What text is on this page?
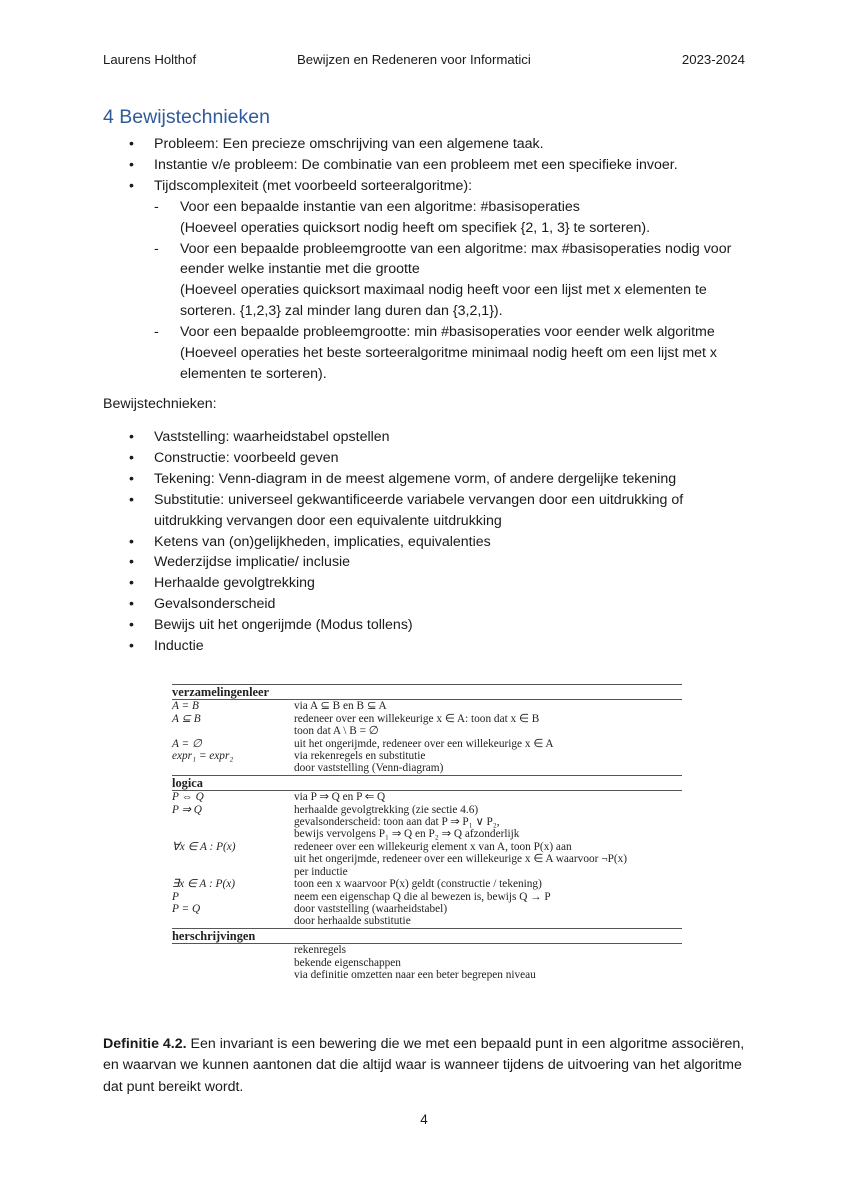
Laurens Holthof	Bewijzen en Redeneren voor Informatici	2023-2024
4 Bewijstechnieken
• Probleem: Een precieze omschrijving van een algemene taak.
• Instantie v/e probleem: De combinatie van een probleem met een specifieke invoer.
• Tijdscomplexiteit (met voorbeeld sorteeralgoritme):
- Voor een bepaalde instantie van een algoritme: #basisoperaties
(Hoeveel operaties quicksort nodig heeft om specifiek {2, 1, 3} te sorteren).
- Voor een bepaalde probleemgrootte van een algoritme: max #basisoperaties nodig voor eender welke instantie met die grootte
(Hoeveel operaties quicksort maximaal nodig heeft voor een lijst met x elementen te sorteren. {1,2,3} zal minder lang duren dan {3,2,1}).
- Voor een bepaalde probleemgrootte: min #basisoperaties voor eender welk algoritme
(Hoeveel operaties het beste sorteeralgoritme minimaal nodig heeft om een lijst met x elementen te sorteren).
Bewijstechnieken:
• Vaststelling: waarheidstabel opstellen
• Constructie: voorbeeld geven
• Tekening: Venn-diagram in de meest algemene vorm, of andere dergelijke tekening
• Substitutie: universeel gekwantificeerde variabele vervangen door een uitdrukking of uitdrukking vervangen door een equivalente uitdrukking
• Ketens van (on)gelijkheden, implicaties, equivalenties
• Wederzijdse implicatie/ inclusie
• Herhaalde gevolgtrekking
• Gevalsonderscheid
• Bewijs uit het ongerijmde (Modus tollens)
• Inductie
verzamelingenleer	
A = B	via A ⊆ B en B ⊆ A
A ⊆ B	redeneer over een willekeurige x ∈ A: toon dat x ∈ B
	toon dat A \ B = ∅
A = ∅	uit het ongerijmde, redeneer over een willekeurige x ∈ A
expr₁ = expr₂	via rekenregels en substitutie
	door vaststelling (Venn-diagram)
logica	
P ⇔ Q	via P ⇒ Q en P ⇐ Q
P ⇒ Q	herhaalde gevolgtrekking (zie sectie 4.6)
	gevalsonderscheid: toon aan dat P ⇒ P₁ ∨ P₂,
	bewijs vervolgens P₁ ⇒ Q en P₂ ⇒ Q afzonderlijk
∀x ∈ A : P(x)	redeneer over een willekeurig element x van A, toon P(x) aan
	uit het ongerijmde, redeneer over een willekeurige x ∈ A waarvoor ¬P(x)
	per inductie
∃x ∈ A : P(x)	toon een x waarvoor P(x) geldt (constructie / tekening)
P	neem een eigenschap Q die al bewezen is, bewijs Q → P
P = Q	door vaststelling (waarheidstabel)
	door herhaalde substitutie
herschrijvingen	
	rekenregels
	bekende eigenschappen
	via definitie omzetten naar een beter begrepen niveau
Definitie 4.2. Een invariant is een bewering die we met een bepaald punt in een algoritme associëren, en waarvan we kunnen aantonen dat die altijd waar is wanneer tijdens de uitvoering van het algoritme dat punt bereikt wordt.
4
